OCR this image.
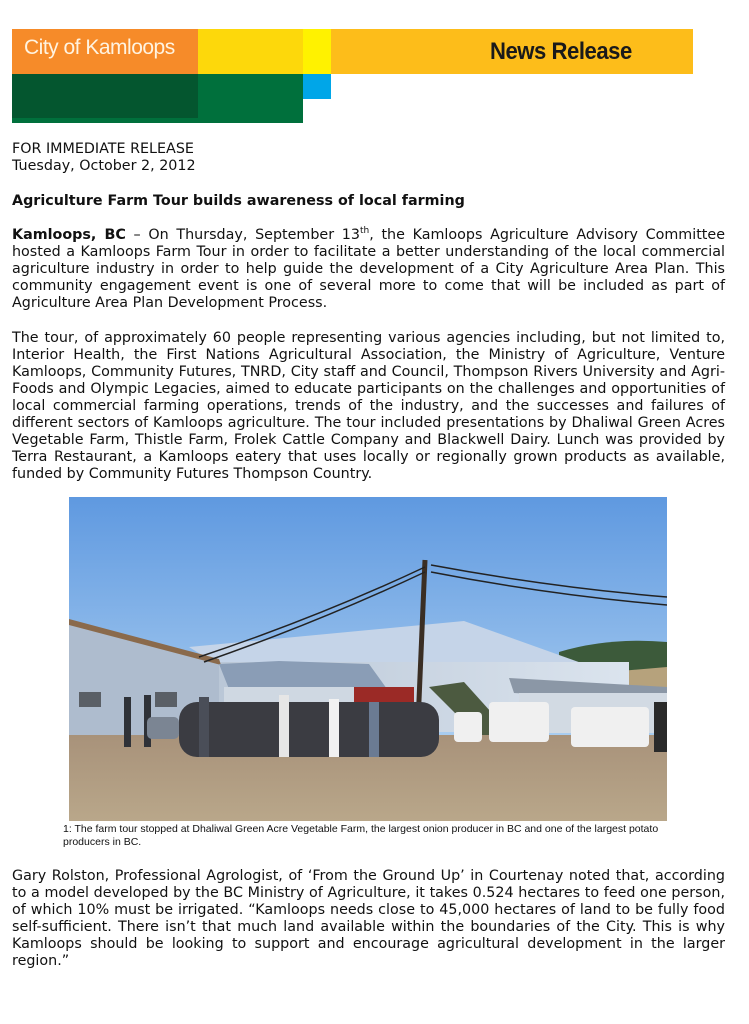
City of Kamloops	News Release
FOR IMMEDIATE RELEASE
Tuesday, October 2, 2012
Agriculture Farm Tour builds awareness of local farming
Kamloops, BC – On Thursday, September 13th, the Kamloops Agriculture Advisory Committee hosted a Kamloops Farm Tour in order to facilitate a better understanding of the local commercial agriculture industry in order to help guide the development of a City Agriculture Area Plan. This community engagement event is one of several more to come that will be included as part of Agriculture Area Plan Development Process.
The tour, of approximately 60 people representing various agencies including, but not limited to, Interior Health, the First Nations Agricultural Association, the Ministry of Agriculture, Venture Kamloops, Community Futures, TNRD, City staff and Council, Thompson Rivers University and Agri-Foods and Olympic Legacies, aimed to educate participants on the challenges and opportunities of local commercial farming operations, trends of the industry, and the successes and failures of different sectors of Kamloops agriculture. The tour included presentations by Dhaliwal Green Acres Vegetable Farm, Thistle Farm, Frolek Cattle Company and Blackwell Dairy. Lunch was provided by Terra Restaurant, a Kamloops eatery that uses locally or regionally grown products as available, funded by Community Futures Thompson Country.
1: The farm tour stopped at Dhaliwal Green Acre Vegetable Farm, the largest onion producer in BC and one of the largest potato producers in BC.
Gary Rolston, Professional Agrologist, of ‘From the Ground Up’ in Courtenay noted that, according to a model developed by the BC Ministry of Agriculture, it takes 0.524 hectares to feed one person, of which 10% must be irrigated. “Kamloops needs close to 45,000 hectares of land to be fully food self-sufficient. There isn’t that much land available within the boundaries of the City. This is why Kamloops should be looking to support and encourage agricultural development in the larger region.”
